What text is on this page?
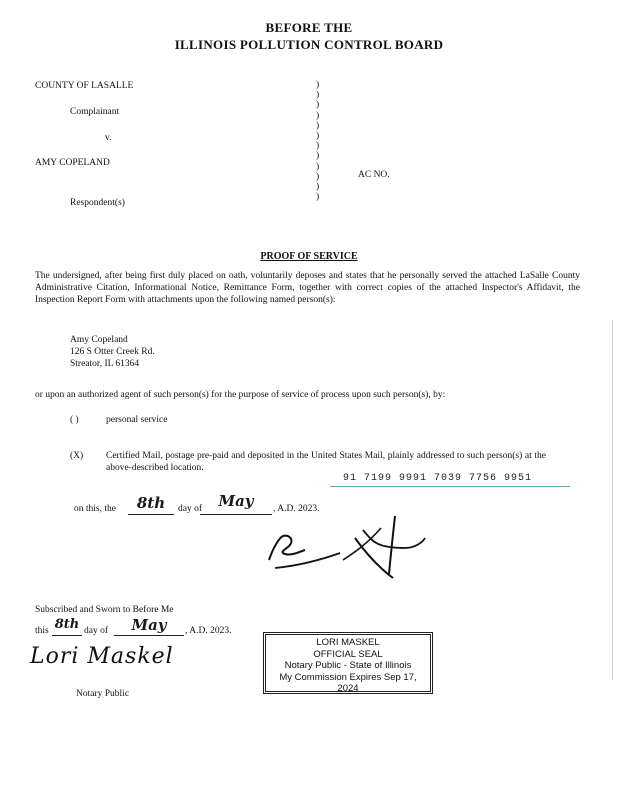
BEFORE THE
ILLINOIS POLLUTION CONTROL BOARD
COUNTY OF LASALLE
Complainant
v.
AMY COPELAND
Respondent(s)
)
)
)
)
)
)
)
)
)
)
)
)
AC NO.
PROOF OF SERVICE
The undersigned, after being first duly placed on oath, voluntarily deposes and states that he personally served the attached LaSalle County Administrative Citation, Informational Notice, Remittance Form, together with correct copies of the attached Inspector's Affidavit, the Inspection Report Form with attachments upon the following named person(s):
Amy Copeland
126 S Otter Creek Rd.
Streator, IL 61364
or upon an authorized agent of such person(s) for the purpose of service of process upon such person(s), by:
( )	personal service
(X) Certified Mail, postage pre-paid and deposited in the United States Mail, plainly addressed to such person(s) at the above-described location.
91 7199 9991 7039 7756 9951
on this, the	8th	day of	May	, A.D. 2023.
Subscribed and Sworn to Before Me
this 8th day of	May	, A.D. 2023.
Lori Maskel
Notary Public
LORI MASKEL
OFFICIAL SEAL
Notary Public - State of Illinois
My Commission Expires Sep 17, 2024
